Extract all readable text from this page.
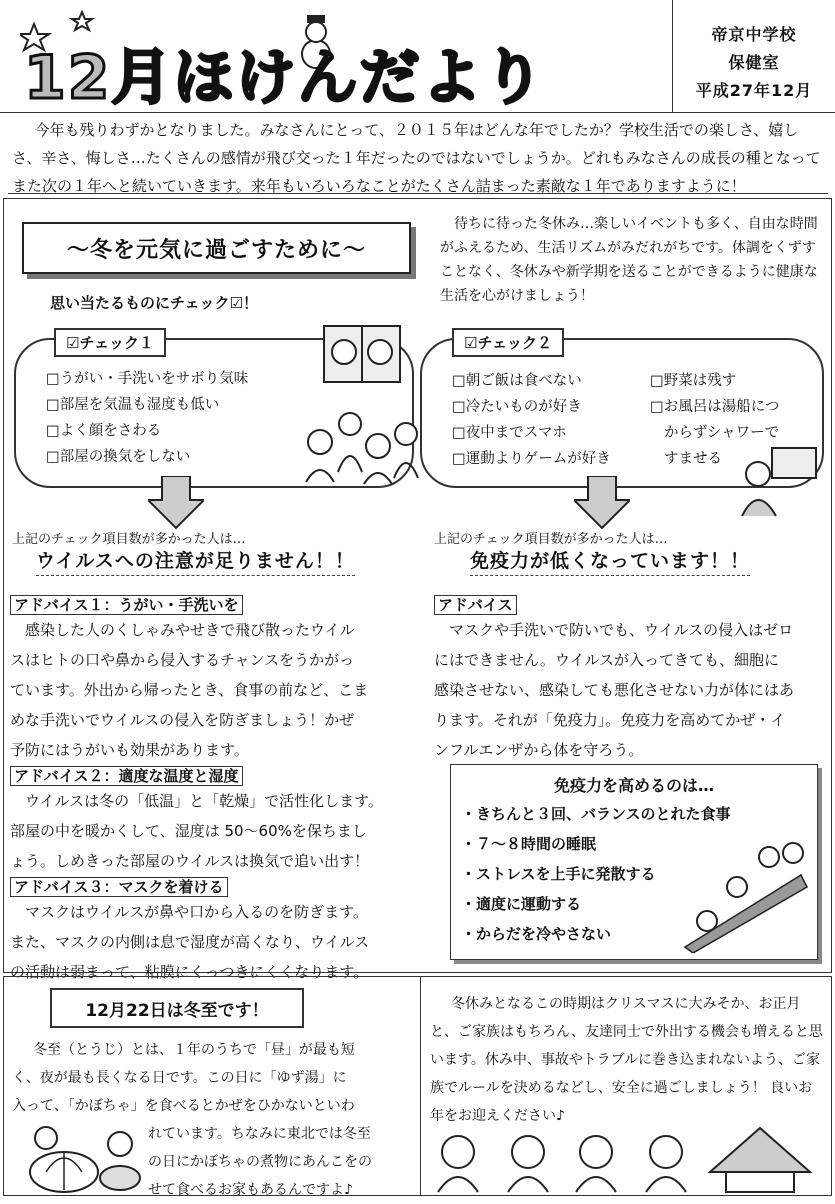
12月ほけんだより
帝京中学校
保健室
平成27年12月
今年も残りわずかとなりました。みなさんにとって、２０１５年はどんな年でしたか？学校生活での楽しさ、嬉しさ、辛さ、悔しさ…たくさんの感情が飛び交った１年だったのではないでしょうか。どれもみなさんの成長の種となってまた次の１年へと続いていきます。来年もいろいろなことがたくさん詰まった素敵な１年でありますように！
～冬を元気に過ごすために～
待ちに待った冬休み…楽しいイベントも多く、自由な時間がふえるため、生活リズムがみだれがちです。体調をくずすことなく、冬休みや新学期を送ることができるように健康な生活を心がけましょう！
思い当たるものにチェック☑！
☑チェック１
□うがい・手洗いをサボり気味
□部屋を気温も湿度も低い
□よく顔をさわる
□部屋の換気をしない
☑チェック２
□朝ご飯は食べない
□冷たいものが好き
□夜中までスマホ
□運動よりゲームが好き
□野菜は残す
□お風呂は湯船につ
からずシャワーで
すませる
上記のチェック項目数が多かった人は…
ウイルスへの注意が足りません！！
上記のチェック項目数が多かった人は…
免疫力が低くなっています！！
アドバイス１：うがい・手洗いを
感染した人のくしゃみやせきで飛び散ったウイル
スはヒトの口や鼻から侵入するチャンスをうかがっ
ています。外出から帰ったとき、食事の前など、こま
めな手洗いでウイルスの侵入を防ぎましょう！かぜ
予防にはうがいも効果があります。
アドバイス２：適度な温度と湿度
ウイルスは冬の「低温」と「乾燥」で活性化します。
部屋の中を暖かくして、湿度は 50～60%を保ちまし
ょう。しめきった部屋のウイルスは換気で追い出す！
アドバイス３：マスクを着ける
マスクはウイルスが鼻や口から入るのを防ぎます。
また、マスクの内側は息で湿度が高くなり、ウイルス
の活動は弱まって、粘膜にくっつきにくくなります。
アドバイス
マスクや手洗いで防いでも、ウイルスの侵入はゼロ
にはできません。ウイルスが入ってきても、細胞に
感染させない、感染しても悪化させない力が体にはあ
ります。それが「免疫力」。免疫力を高めてかぜ・イ
ンフルエンザから体を守ろう。
免疫力を高めるのは…
・きちんと３回、バランスのとれた食事
・７～８時間の睡眠
・ストレスを上手に発散する
・適度に運動する
・からだを冷やさない
12月22日は冬至です！
冬至（とうじ）とは、１年のうちで「昼」が最も短
く、夜が最も長くなる日です。この日に「ゆず湯」に
入って、「かぼちゃ」を食べるとかぜをひかないといわ
れています。ちなみに東北では冬至
の日にかぼちゃの煮物にあんこをの
せて食べるお家もあるんですよ♪
冬休みとなるこの時期はクリスマスに大みそか、お正月と、ご家族はもちろん、友達同士で外出する機会も増えると思います。休み中、事故やトラブルに巻き込まれないよう、ご家族でルールを決めるなどし、安全に過ごしましょう！ 良いお年をお迎えください♪
